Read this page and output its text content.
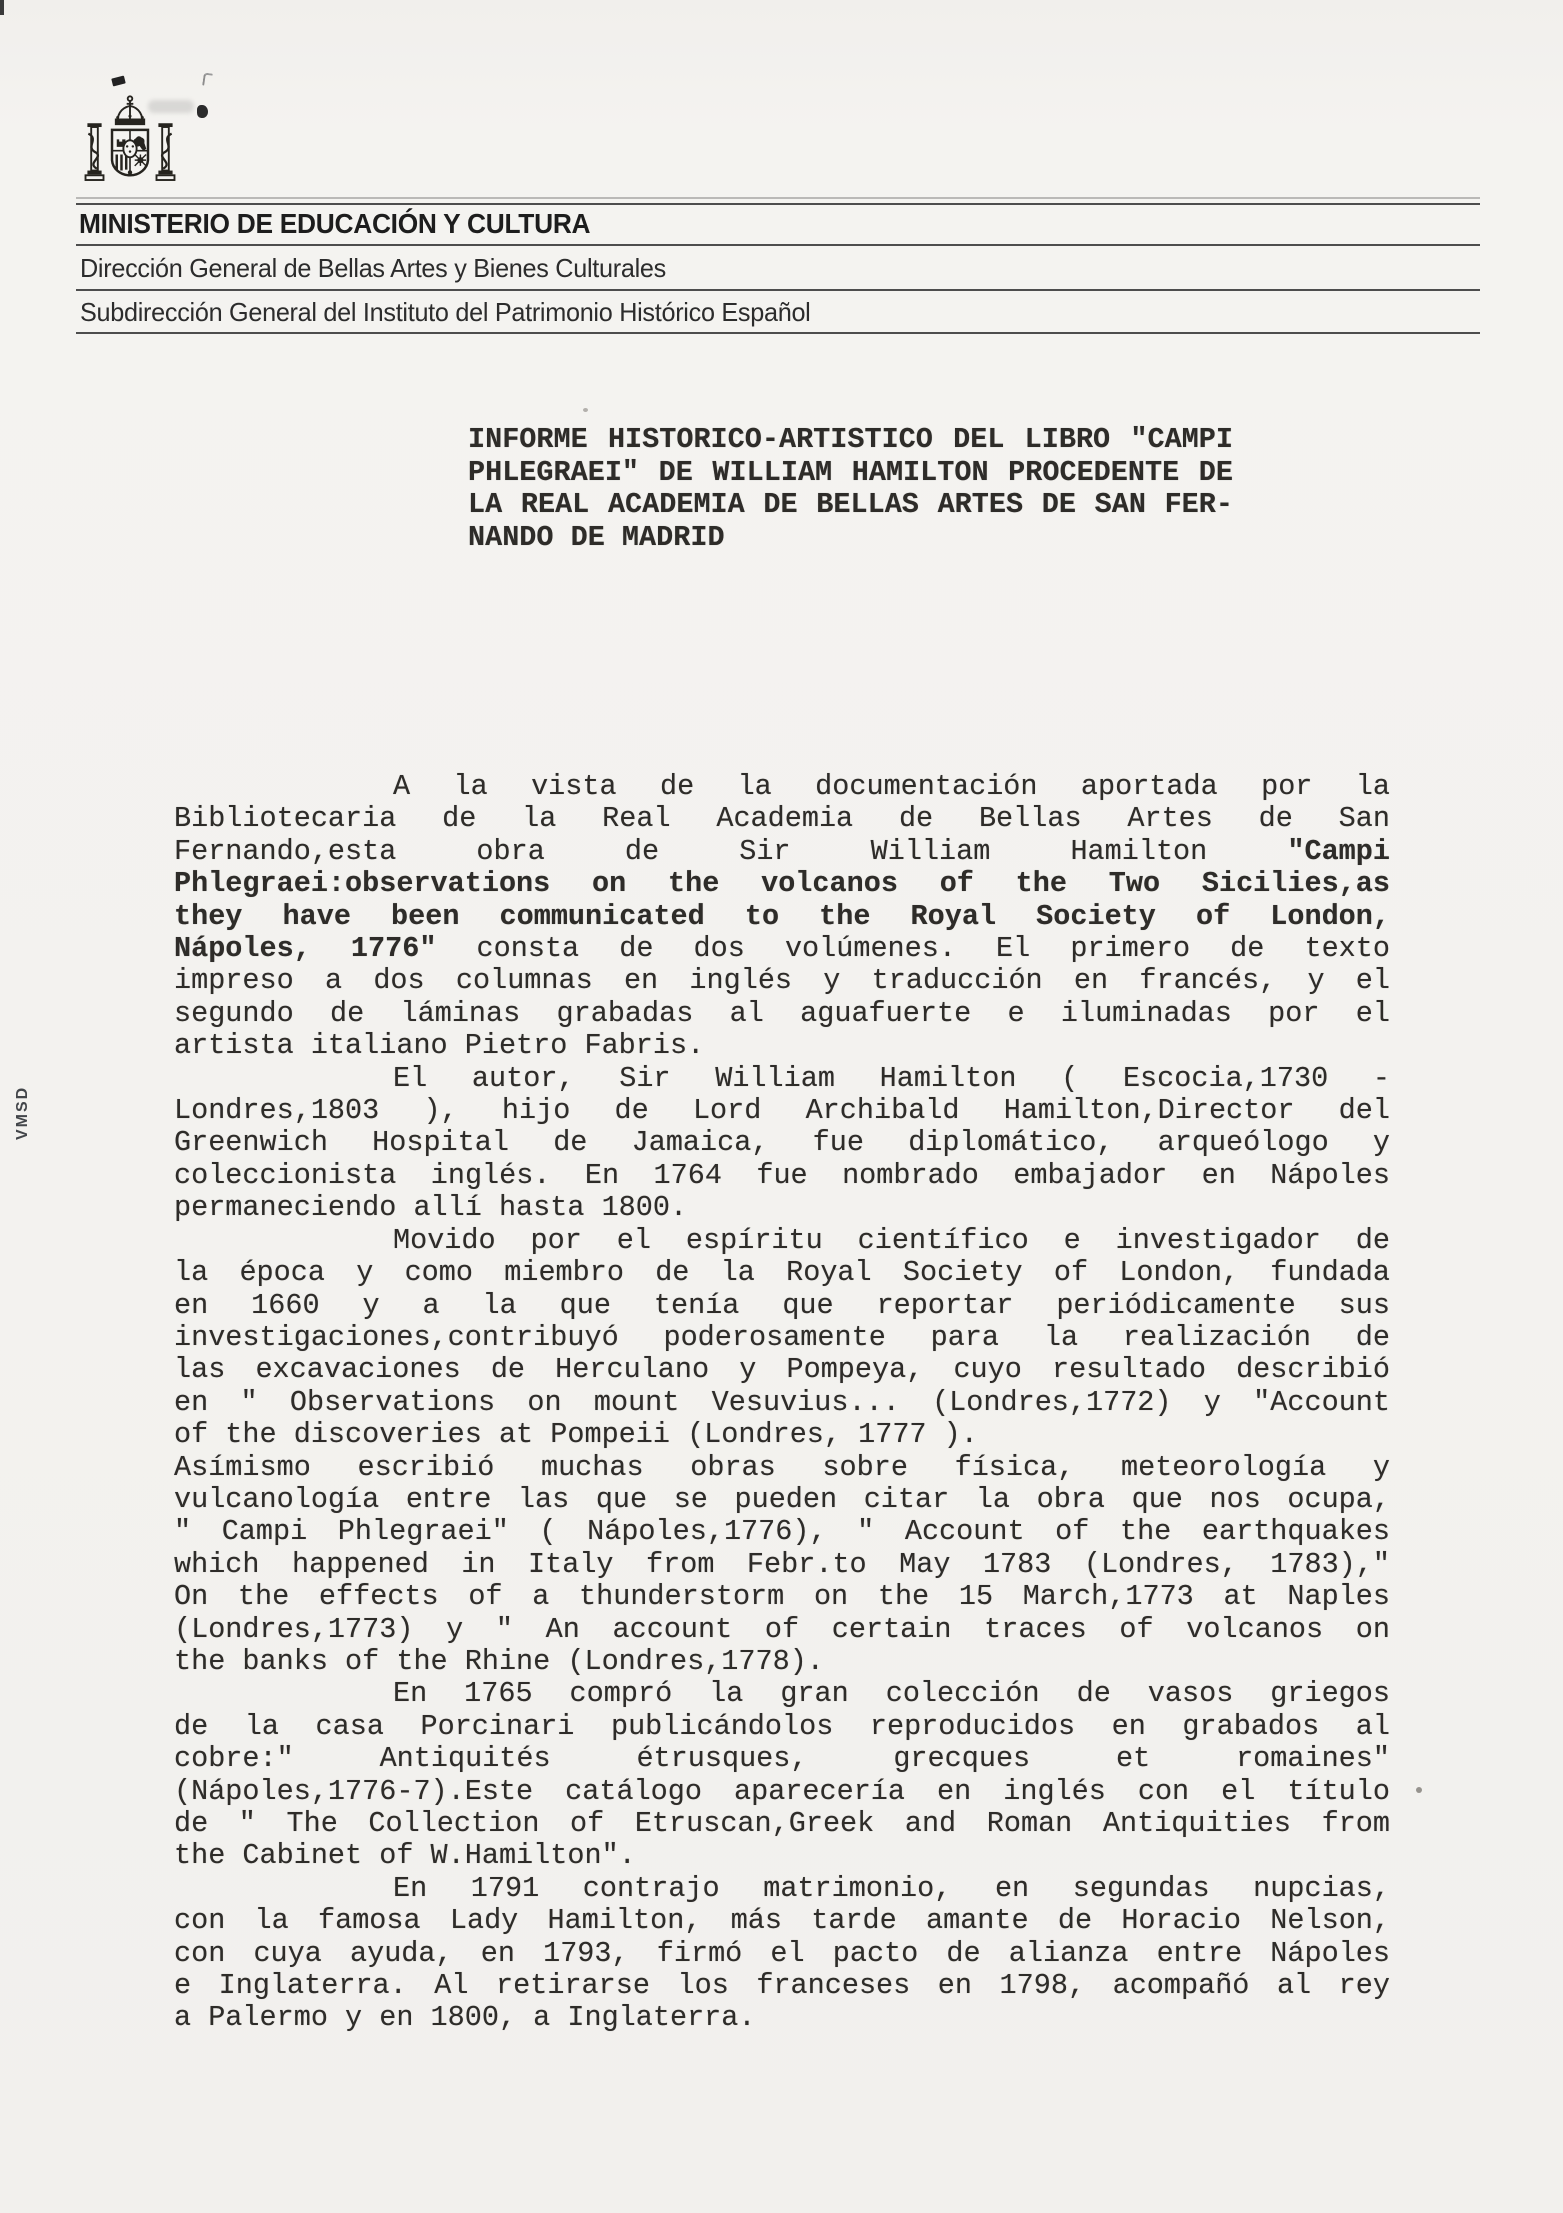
MINISTERIO DE EDUCACIÓN Y CULTURA
Dirección General de Bellas Artes y Bienes Culturales
Subdirección General del Instituto del Patrimonio Histórico Español
VMSD
INFORME HISTORICO-ARTISTICO DEL LIBRO "CAMPI
PHLEGRAEI" DE WILLIAM HAMILTON PROCEDENTE DE
LA REAL ACADEMIA DE BELLAS ARTES DE SAN FER-
NANDO DE MADRID
A la vista de la documentación aportada por la
Bibliotecaria de la Real Academia de Bellas Artes de San
Fernando,esta obra de Sir William Hamilton "Campi
Phlegraei:observations on the volcanos of the Two Sicilies,as
they have been communicated to the Royal Society of London,
Nápoles, 1776" consta de dos volúmenes. El primero de texto
impreso a dos columnas en inglés y traducción en francés, y el
segundo de láminas grabadas al aguafuerte e iluminadas por el
artista italiano Pietro Fabris.
El autor, Sir William Hamilton ( Escocia,1730 -
Londres,1803 ), hijo de Lord Archibald Hamilton,Director del
Greenwich Hospital de Jamaica, fue diplomático, arqueólogo y
coleccionista inglés. En 1764 fue nombrado embajador en Nápoles
permaneciendo allí hasta 1800.
Movido por el espíritu científico e investigador de
la época y como miembro de la Royal Society of London, fundada
en 1660 y a la que tenía que reportar periódicamente sus
investigaciones,contribuyó poderosamente para la realización de
las excavaciones de Herculano y Pompeya, cuyo resultado describió
en " Observations on mount Vesuvius... (Londres,1772) y "Account
of the discoveries at Pompeii (Londres, 1777 ).
Asímismo escribió muchas obras sobre física, meteorología y
vulcanología entre las que se pueden citar la obra que nos ocupa,
" Campi Phlegraei" ( Nápoles,1776), " Account of the earthquakes
which happened in Italy from Febr.to May 1783 (Londres, 1783),"
On the effects of a thunderstorm on the 15 March,1773 at Naples
(Londres,1773) y " An account of certain traces of volcanos on
the banks of the Rhine (Londres,1778).
En 1765 compró la gran colección de vasos griegos
de la casa Porcinari publicándolos reproducidos en grabados al
cobre:" Antiquités étrusques, grecques et romaines"
(Nápoles,1776-7).Este catálogo aparecería en inglés con el título
de " The Collection of Etruscan,Greek and Roman Antiquities from
the Cabinet of W.Hamilton".
En 1791 contrajo matrimonio, en segundas nupcias,
con la famosa Lady Hamilton, más tarde amante de Horacio Nelson,
con cuya ayuda, en 1793, firmó el pacto de alianza entre Nápoles
e Inglaterra. Al retirarse los franceses en 1798, acompañó al rey
a Palermo y en 1800, a Inglaterra.
